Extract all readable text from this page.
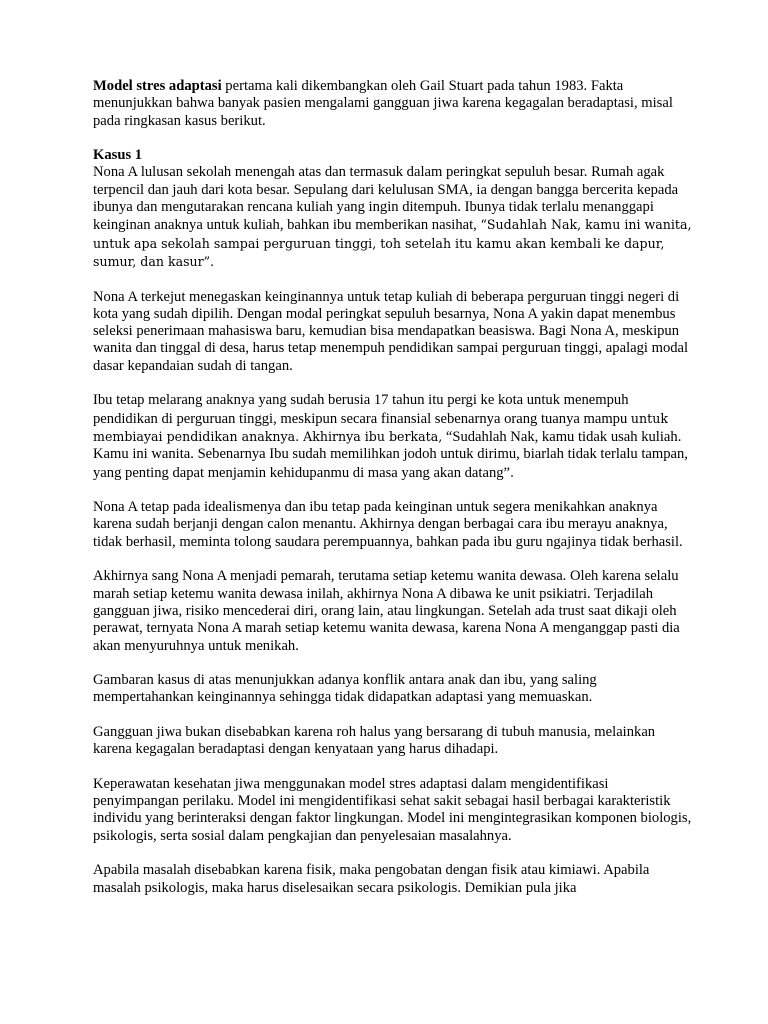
Model stres adaptasi pertama kali dikembangkan oleh Gail Stuart pada tahun 1983. Fakta menunjukkan bahwa banyak pasien mengalami gangguan jiwa karena kegagalan beradaptasi, misal pada ringkasan kasus berikut.

Kasus 1
Nona A lulusan sekolah menengah atas dan termasuk dalam peringkat sepuluh besar. Rumah agak terpencil dan jauh dari kota besar. Sepulang dari kelulusan SMA, ia dengan bangga bercerita kepada ibunya dan mengutarakan rencana kuliah yang ingin ditempuh. Ibunya tidak terlalu menanggapi keinginan anaknya untuk kuliah, bahkan ibu memberikan nasihat, “Sudahlah Nak, kamu ini wanita, untuk apa sekolah sampai perguruan tinggi, toh setelah itu kamu akan kembali ke dapur, sumur, dan kasur”.

Nona A terkejut menegaskan keinginannya untuk tetap kuliah di beberapa perguruan tinggi negeri di kota yang sudah dipilih. Dengan modal peringkat sepuluh besarnya, Nona A yakin dapat menembus seleksi penerimaan mahasiswa baru, kemudian bisa mendapatkan beasiswa. Bagi Nona A, meskipun wanita dan tinggal di desa, harus tetap menempuh pendidikan sampai perguruan tinggi, apalagi modal dasar kepandaian sudah di tangan.

Ibu tetap melarang anaknya yang sudah berusia 17 tahun itu pergi ke kota untuk menempuh pendidikan di perguruan tinggi, meskipun secara finansial sebenarnya orang tuanya mampu untuk membiayai pendidikan anaknya. Akhirnya ibu berkata, “Sudahlah Nak, kamu tidak usah kuliah. Kamu ini wanita. Sebenarnya Ibu sudah memilihkan jodoh untuk dirimu, biarlah tidak terlalu tampan, yang penting dapat menjamin kehidupanmu di masa yang akan datang”.

Nona A tetap pada idealismenya dan ibu tetap pada keinginan untuk segera menikahkan anaknya karena sudah berjanji dengan calon menantu. Akhirnya dengan berbagai cara ibu merayu anaknya, tidak berhasil, meminta tolong saudara perempuannya, bahkan pada ibu guru ngajinya tidak berhasil.

Akhirnya sang Nona A menjadi pemarah, terutama setiap ketemu wanita dewasa. Oleh karena selalu marah setiap ketemu wanita dewasa inilah, akhirnya Nona A dibawa ke unit psikiatri. Terjadilah gangguan jiwa, risiko mencederai diri, orang lain, atau lingkungan. Setelah ada trust saat dikaji oleh perawat, ternyata Nona A marah setiap ketemu wanita dewasa, karena Nona A menganggap pasti dia akan menyuruhnya untuk menikah.

Gambaran kasus di atas menunjukkan adanya konflik antara anak dan ibu, yang saling mempertahankan keinginannya sehingga tidak didapatkan adaptasi yang memuaskan.

Gangguan jiwa bukan disebabkan karena roh halus yang bersarang di tubuh manusia, melainkan karena kegagalan beradaptasi dengan kenyataan yang harus dihadapi.

Keperawatan kesehatan jiwa menggunakan model stres adaptasi dalam mengidentifikasi penyimpangan perilaku. Model ini mengidentifikasi sehat sakit sebagai hasil berbagai karakteristik individu yang berinteraksi dengan faktor lingkungan. Model ini mengintegrasikan komponen biologis, psikologis, serta sosial dalam pengkajian dan penyelesaian masalahnya.

Apabila masalah disebabkan karena fisik, maka pengobatan dengan fisik atau kimiawi. Apabila masalah psikologis, maka harus diselesaikan secara psikologis. Demikian pula jika
